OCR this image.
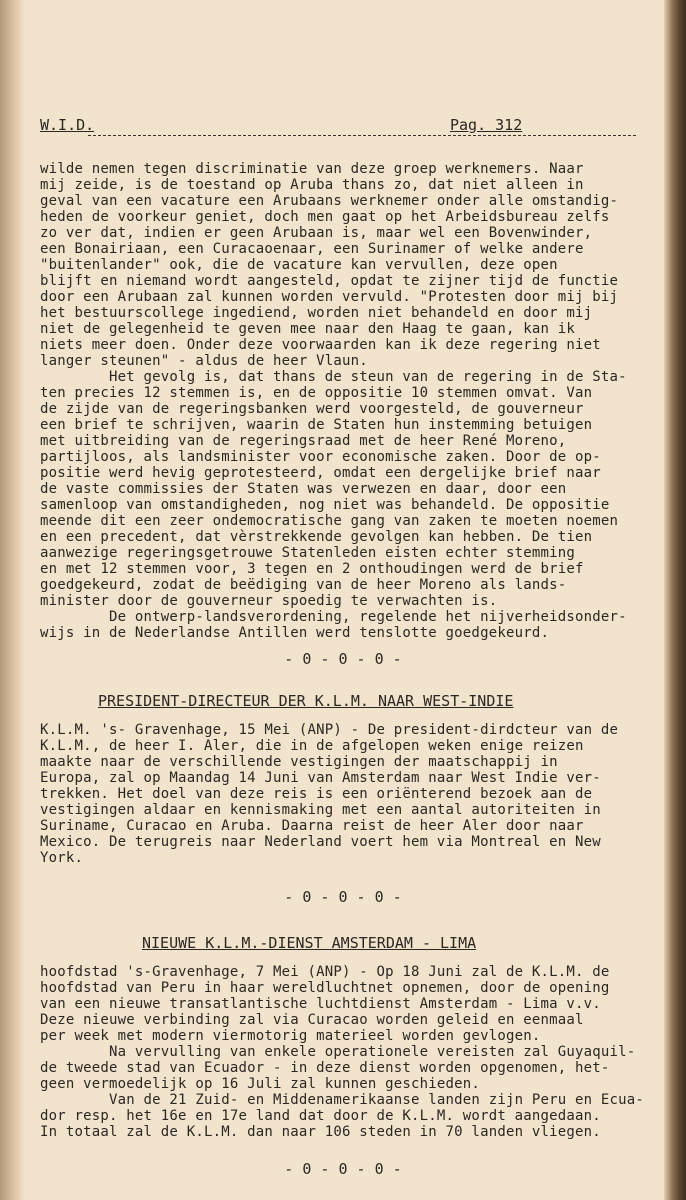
W.I.D.	Pag. 312
wilde nemen tegen discriminatie van deze groep werknemers. Naar
mij zeide, is de toestand op Aruba thans zo, dat niet alleen in
geval van een vacature een Arubaans werknemer onder alle omstandig-
heden de voorkeur geniet, doch men gaat op het Arbeidsbureau zelfs
zo ver dat, indien er geen Arubaan is, maar wel een Bovenwinder,
een Bonairiaan, een Curacaoenaar, een Surinamer of welke andere
"buitenlander" ook, die de vacature kan vervullen, deze open
blijft en niemand wordt aangesteld, opdat te zijner tijd de functie
door een Arubaan zal kunnen worden vervuld. "Protesten door mij bij
het bestuurscollege ingediend, worden niet behandeld en door mij
niet de gelegenheid te geven mee naar den Haag te gaan, kan ik
niets meer doen. Onder deze voorwaarden kan ik deze regering niet
langer steunen" - aldus de heer Vlaun.
Het gevolg is, dat thans de steun van de regering in de Sta-
ten precies 12 stemmen is, en de oppositie 10 stemmen omvat. Van
de zijde van de regeringsbanken werd voorgesteld, de gouverneur
een brief te schrijven, waarin de Staten hun instemming betuigen
met uitbreiding van de regeringsraad met de heer René Moreno,
partijloos, als landsminister voor economische zaken. Door de op-
positie werd hevig geprotesteerd, omdat een dergelijke brief naar
de vaste commissies der Staten was verwezen en daar, door een
samenloop van omstandigheden, nog niet was behandeld. De oppositie
meende dit een zeer ondemocratische gang van zaken te moeten noemen
en een precedent, dat vèrstrekkende gevolgen kan hebben. De tien
aanwezige regeringsgetrouwe Statenleden eisten echter stemming
en met 12 stemmen voor, 3 tegen en 2 onthoudingen werd de brief
goedgekeurd, zodat de beëdiging van de heer Moreno als lands-
minister door de gouverneur spoedig te verwachten is.
De ontwerp-landsverordening, regelende het nijverheidsonder-
wijs in de Nederlandse Antillen werd tenslotte goedgekeurd.
- 0 - 0 - 0 -
PRESIDENT-DIRECTEUR DER K.L.M. NAAR WEST-INDIE
K.L.M. 's- Gravenhage, 15 Mei (ANP) - De president-dirdcteur van de
K.L.M., de heer I. Aler, die in de afgelopen weken enige reizen
maakte naar de verschillende vestigingen der maatschappij in
Europa, zal op Maandag 14 Juni van Amsterdam naar West Indie ver-
trekken. Het doel van deze reis is een oriënterend bezoek aan de
vestigingen aldaar en kennismaking met een aantal autoriteiten in
Suriname, Curacao en Aruba. Daarna reist de heer Aler door naar
Mexico. De terugreis naar Nederland voert hem via Montreal en New
York.
- 0 - 0 - 0 -
NIEUWE K.L.M.-DIENST AMSTERDAM - LIMA
hoofdstad 's-Gravenhage, 7 Mei (ANP) - Op 18 Juni zal de K.L.M. de
hoofdstad van Peru in haar wereldluchtnet opnemen, door de opening
van een nieuwe transatlantische luchtdienst Amsterdam - Lima v.v.
Deze nieuwe verbinding zal via Curacao worden geleid en eenmaal
per week met modern viermotorig materieel worden gevlogen.
Na vervulling van enkele operationele vereisten zal Guyaquil-
de tweede stad van Ecuador - in deze dienst worden opgenomen, het-
geen vermoedelijk op 16 Juli zal kunnen geschieden.
Van de 21 Zuid- en Middenamerikaanse landen zijn Peru en Ecua-
dor resp. het 16e en 17e land dat door de K.L.M. wordt aangedaan.
In totaal zal de K.L.M. dan naar 106 steden in 70 landen vliegen.
- 0 - 0 - 0 -
